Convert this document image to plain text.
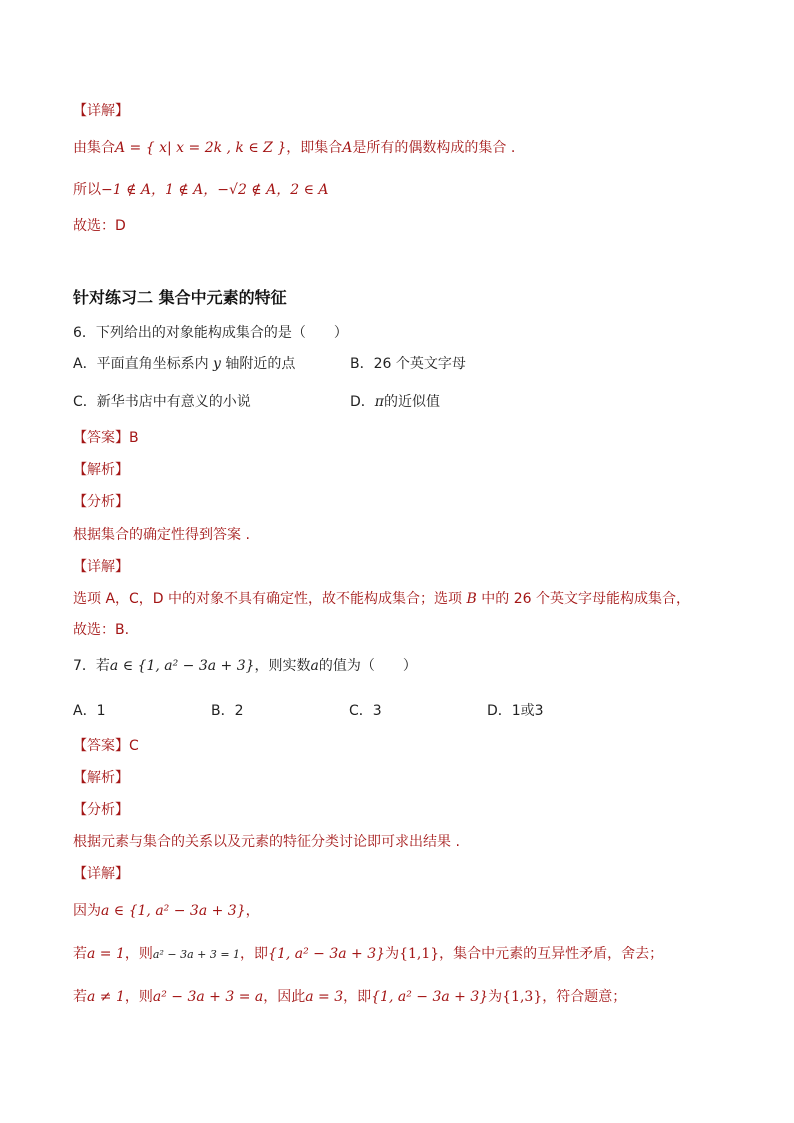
【详解】
由集合A = { x| x = 2k , k ∈ Z }，即集合A是所有的偶数构成的集合 .
所以−1 ∉ A，1 ∉ A，−√2 ∉ A，2 ∈ A
故选：D
针对练习二 集合中元素的特征
6．下列给出的对象能构成集合的是（　　）
A．平面直角坐标系内 y 轴附近的点	B．26 个英文字母
C．新华书店中有意义的小说	D．π的近似值
【答案】B
【解析】
【分析】
根据集合的确定性得到答案 .
【详解】
选项 A，C，D 中的对象不具有确定性，故不能构成集合；选项 B 中的 26 个英文字母能构成集合，
故选：B.
7．若a ∈ {1, a² − 3a + 3}，则实数a的值为（　　）
A．1	B．2	C．3	D．1或3
【答案】C
【解析】
【分析】
根据元素与集合的关系以及元素的特征分类讨论即可求出结果 .
【详解】
因为a ∈ {1, a² − 3a + 3}，
若a = 1，则a² − 3a + 3 = 1，即{1, a² − 3a + 3}为{1,1}，集合中元素的互异性矛盾，舍去；
若a ≠ 1，则a² − 3a + 3 = a，因此a = 3，即{1, a² − 3a + 3}为{1,3}，符合题意；
